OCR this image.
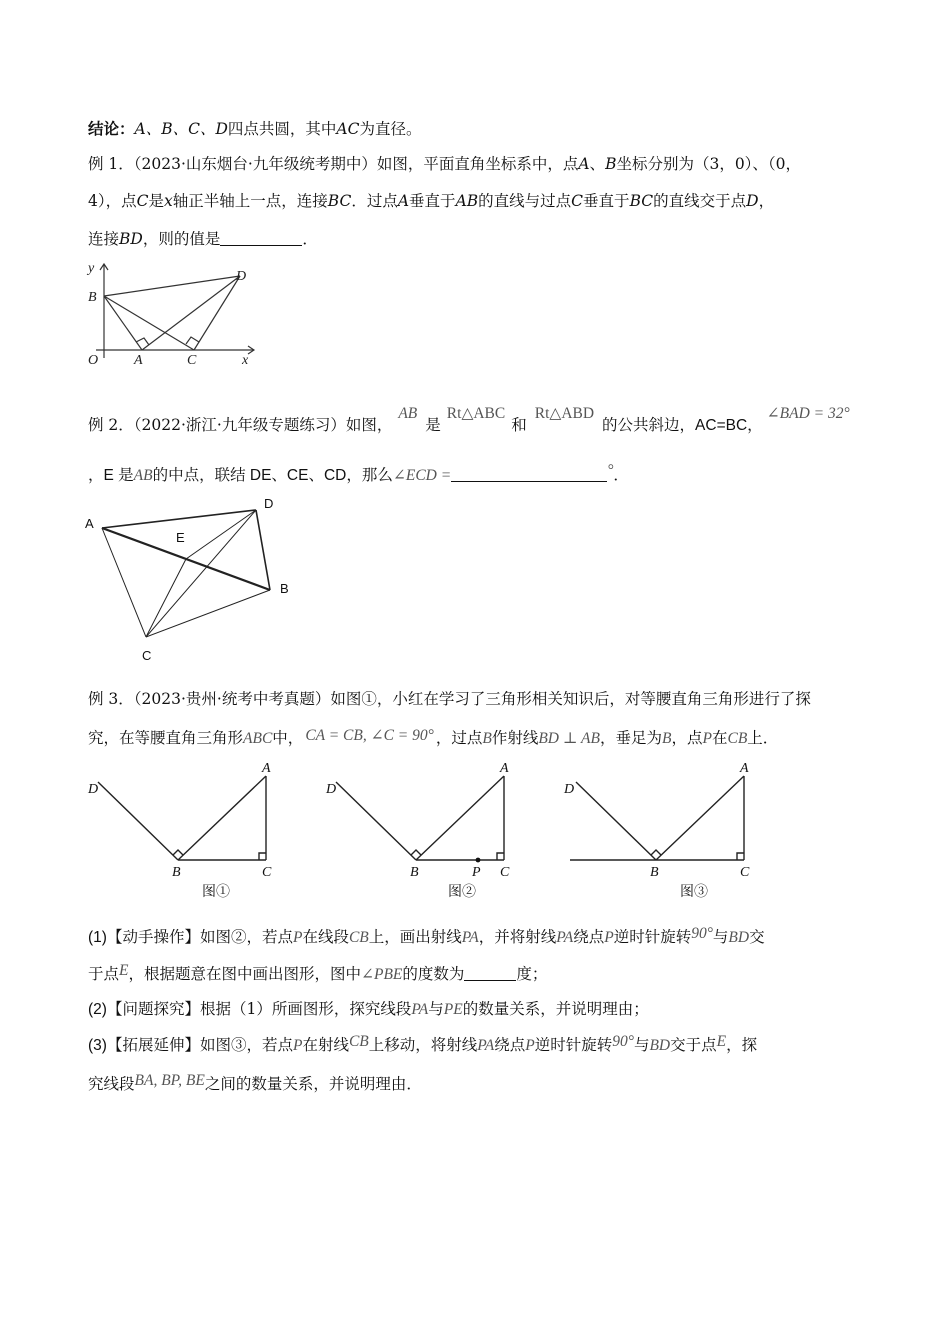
结论：A、B、C、D四点共圆，其中AC为直径。
例 1．（2023·山东烟台·九年级统考期中）如图，平面直角坐标系中，点A、B坐标分别为（3，0）、（0，
4），点C是x轴正半轴上一点，连接BC．过点A垂直于AB的直线与过点C垂直于BC的直线交于点D，
连接BD，则的值是	．
y
B
D
O	A	C	x
例 2．（2022·浙江·九年级专题练习）如图，AB是Rt△ABC和Rt△ABD的公共斜边，AC=BC，∠BAD = 32°
，E 是AB的中点，联结 DE、CE、CD，那么∠ECD =	°．
A
D
E
B
C
例 3．（2023·贵州·统考中考真题）如图①，小红在学习了三角形相关知识后，对等腰直角三角形进行了探
究，在等腰直角三角形ABC中， CA = CB, ∠C = 90° ，过点B作射线BD ⊥ AB，垂足为B，点P在CB上．
D
A
B	C
图①
D
A
B	P C
图②
D
A
B	C
图③
(1)【动手操作】如图②，若点P在线段CB上，画出射线PA，并将射线PA绕点P逆时针旋转90°与BD交
于点E，根据题意在图中画出图形，图中∠PBE的度数为	度；
(2)【问题探究】根据（1）所画图形，探究线段PA与PE的数量关系，并说明理由；
(3)【拓展延伸】如图③，若点P在射线CB上移动，将射线PA绕点P逆时针旋转90°与BD交于点E，探
究线段BA, BP, BE之间的数量关系，并说明理由．
